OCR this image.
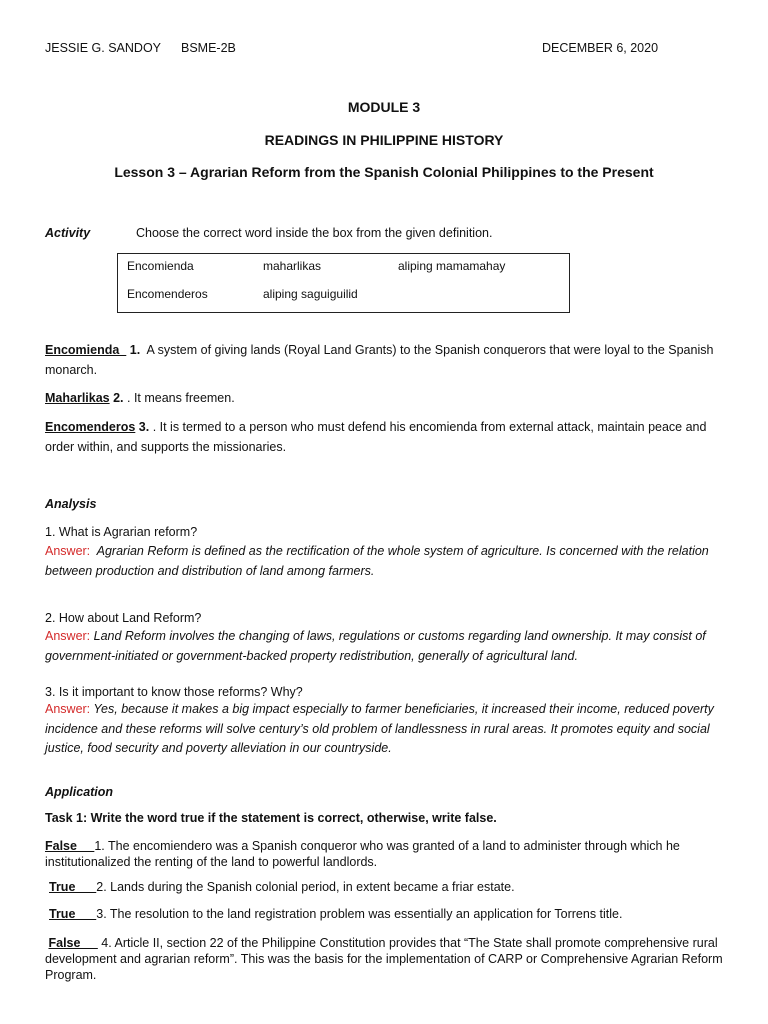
JESSIE G. SANDOY BSME-2B	DECEMBER 6, 2020
MODULE 3
READINGS IN PHILIPPINE HISTORY
Lesson 3 – Agrarian Reform from the Spanish Colonial Philippines to the Present
Activity	Choose the correct word inside the box from the given definition.
Encomienda	maharlikas	aliping mamamahay
Encomenderos	aliping saguiguilid
Encomienda   1.  A system of giving lands (Royal Land Grants) to the Spanish conquerors that were loyal to the Spanish monarch.
Maharlikas 2. . It means freemen.
Encomenderos 3. . It is termed to a person who must defend his encomienda from external attack, maintain peace and order within, and supports the missionaries.
Analysis
1. What is Agrarian reform?
Answer:  Agrarian Reform is defined as the rectification of the whole system of agriculture. Is concerned with the relation between production and distribution of land among farmers.
2. How about Land Reform?
Answer: Land Reform involves the changing of laws, regulations or customs regarding land ownership. It may consist of government-initiated or government-backed property redistribution, generally of agricultural land.
3. Is it important to know those reforms? Why?
Answer: Yes, because it makes a big impact especially to farmer beneficiaries, it increased their income, reduced poverty incidence and these reforms will solve century’s old problem of landlessness in rural areas. It promotes equity and social justice, food security and poverty alleviation in our countryside.
Application
Task 1: Write the word true if the statement is correct, otherwise, write false.
False     1. The encomiendero was a Spanish conqueror who was granted of a land to administer through which he institutionalized the renting of the land to powerful landlords.
True      2. Lands during the Spanish colonial period, in extent became a friar estate.
True      3. The resolution to the land registration problem was essentially an application for Torrens title.
False      4. Article II, section 22 of the Philippine Constitution provides that “The State shall promote comprehensive rural development and agrarian reform”. This was the basis for the implementation of CARP or Comprehensive Agrarian Reform Program.
